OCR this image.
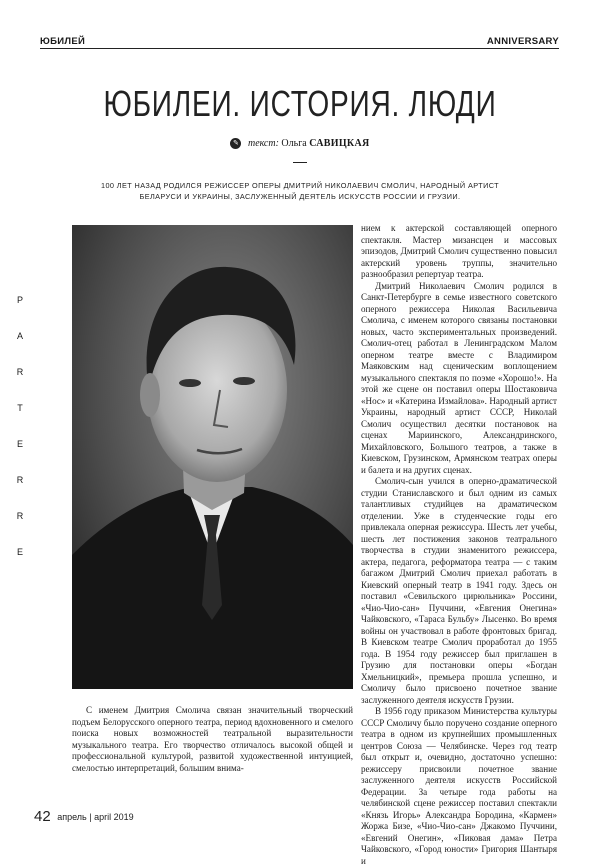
ЮБИЛЕЙ	ANNIVERSARY
P
A
R
T
E
R
R
E
ЮБИЛЕИ. ИСТОРИЯ. ЛЮДИ
✎ текст: Ольга САВИЦКАЯ
100 ЛЕТ НАЗАД РОДИЛСЯ РЕЖИССЕР ОПЕРЫ ДМИТРИЙ НИКОЛАЕВИЧ СМОЛИЧ, НАРОДНЫЙ АРТИСТ БЕЛАРУСИ И УКРАИНЫ, ЗАСЛУЖЕННЫЙ ДЕЯТЕЛЬ ИСКУССТВ РОССИИ И ГРУЗИИ.

С именем Дмитрия Смолича связан значительный творческий подъем Белорусского оперного театра, период вдохновенного и смелого поиска новых возможностей театральной выразительности музыкального театра. Его творчество отличалось высокой общей и профессиональной культурой, развитой художественной интуицией, смелостью интерпретаций, большим внима-

нием к актерской составляющей оперного спектакля. Мастер мизансцен и массовых эпизодов, Дмитрий Смолич существенно повысил актерский уровень труппы, значительно разнообразил репертуар театра.

Дмитрий Николаевич Смолич родился в Санкт-Петербурге в семье известного советского оперного режиссера Николая Васильевича Смолича, с именем которого связаны постановки новых, часто экспериментальных произведений. Смолич-отец работал в Ленинградском Малом оперном театре вместе с Владимиром Маяковским над сценическим воплощением музыкального спектакля по поэме «Хорошо!». На этой же сцене он поставил оперы Шостаковича «Нос» и «Катерина Измайлова». Народный артист Украины, народный артист СССР, Николай Смолич осуществил десятки постановок на сценах Мариинского, Александринского, Михайловского, Большого театров, а также в Киевском, Грузинском, Армянском театрах оперы и балета и на других сценах.

Смолич-сын учился в оперно-драматической студии Станиславского и был одним из самых талантливых студийцев на драматическом отделении. Уже в студенческие годы его привлекала оперная режиссура. Шесть лет учебы, шесть лет постижения законов театрального творчества в студии знаменитого режиссера, актера, педагога, реформатора театра — с таким багажом Дмитрий Смолич приехал работать в Киевский оперный театр в 1941 году. Здесь он поставил «Севильского цирюльника» Россини, «Чио-Чио-сан» Пуччини, «Евгения Онегина» Чайковского, «Тараса Бульбу» Лысенко. Во время войны он участвовал в работе фронтовых бригад. В Киевском театре Смолич проработал до 1955 года. В 1954 году режиссер был приглашен в Грузию для постановки оперы «Богдан Хмельницкий», премьера прошла успешно, и Смоличу было присвоено почетное звание заслуженного деятеля искусств Грузии.

В 1956 году приказом Министерства культуры СССР Смоличу было поручено создание оперного театра в одном из крупнейших промышленных центров Союза — Челябинске. Через год театр был открыт и, очевидно, достаточно успешно: режиссеру присвоили почетное звание заслуженного деятеля искусств Российской Федерации. За четыре года работы на челябинской сцене режиссер поставил спектакли «Князь Игорь» Александра Бородина, «Кармен» Жоржа Бизе, «Чио-Чио-сан» Джакомо Пуччини, «Евгений Онегин», «Пиковая дама» Петра Чайковского, «Город юности» Григория Шантыря и

42 апрель | april 2019
